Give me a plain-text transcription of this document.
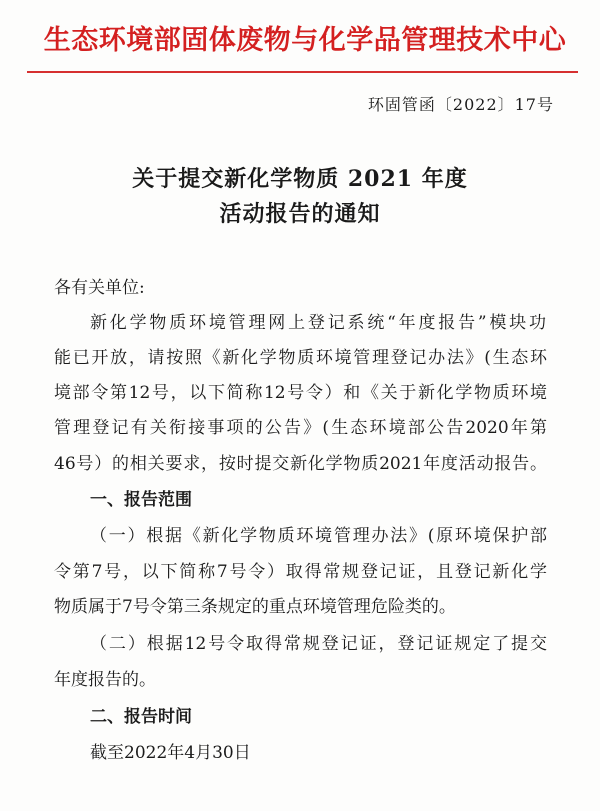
生态环境部固体废物与化学品管理技术中心
环固管函〔2022〕17号
关于提交新化学物质 2021 年度
活动报告的通知
各有关单位:
新化学物质环境管理网上登记系统“年度报告”模块功
能已开放，请按照《新化学物质环境管理登记办法》(生态环
境部令第12号，以下简称12号令）和《关于新化学物质环境
管理登记有关衔接事项的公告》(生态环境部公告2020年第
46号）的相关要求，按时提交新化学物质2021年度活动报告。
一、报告范围
（一）根据《新化学物质环境管理办法》(原环境保护部
令第7号，以下简称7号令）取得常规登记证，且登记新化学
物质属于7号令第三条规定的重点环境管理危险类的。
（二）根据12号令取得常规登记证，登记证规定了提交
年度报告的。
二、报告时间
截至2022年4月30日
